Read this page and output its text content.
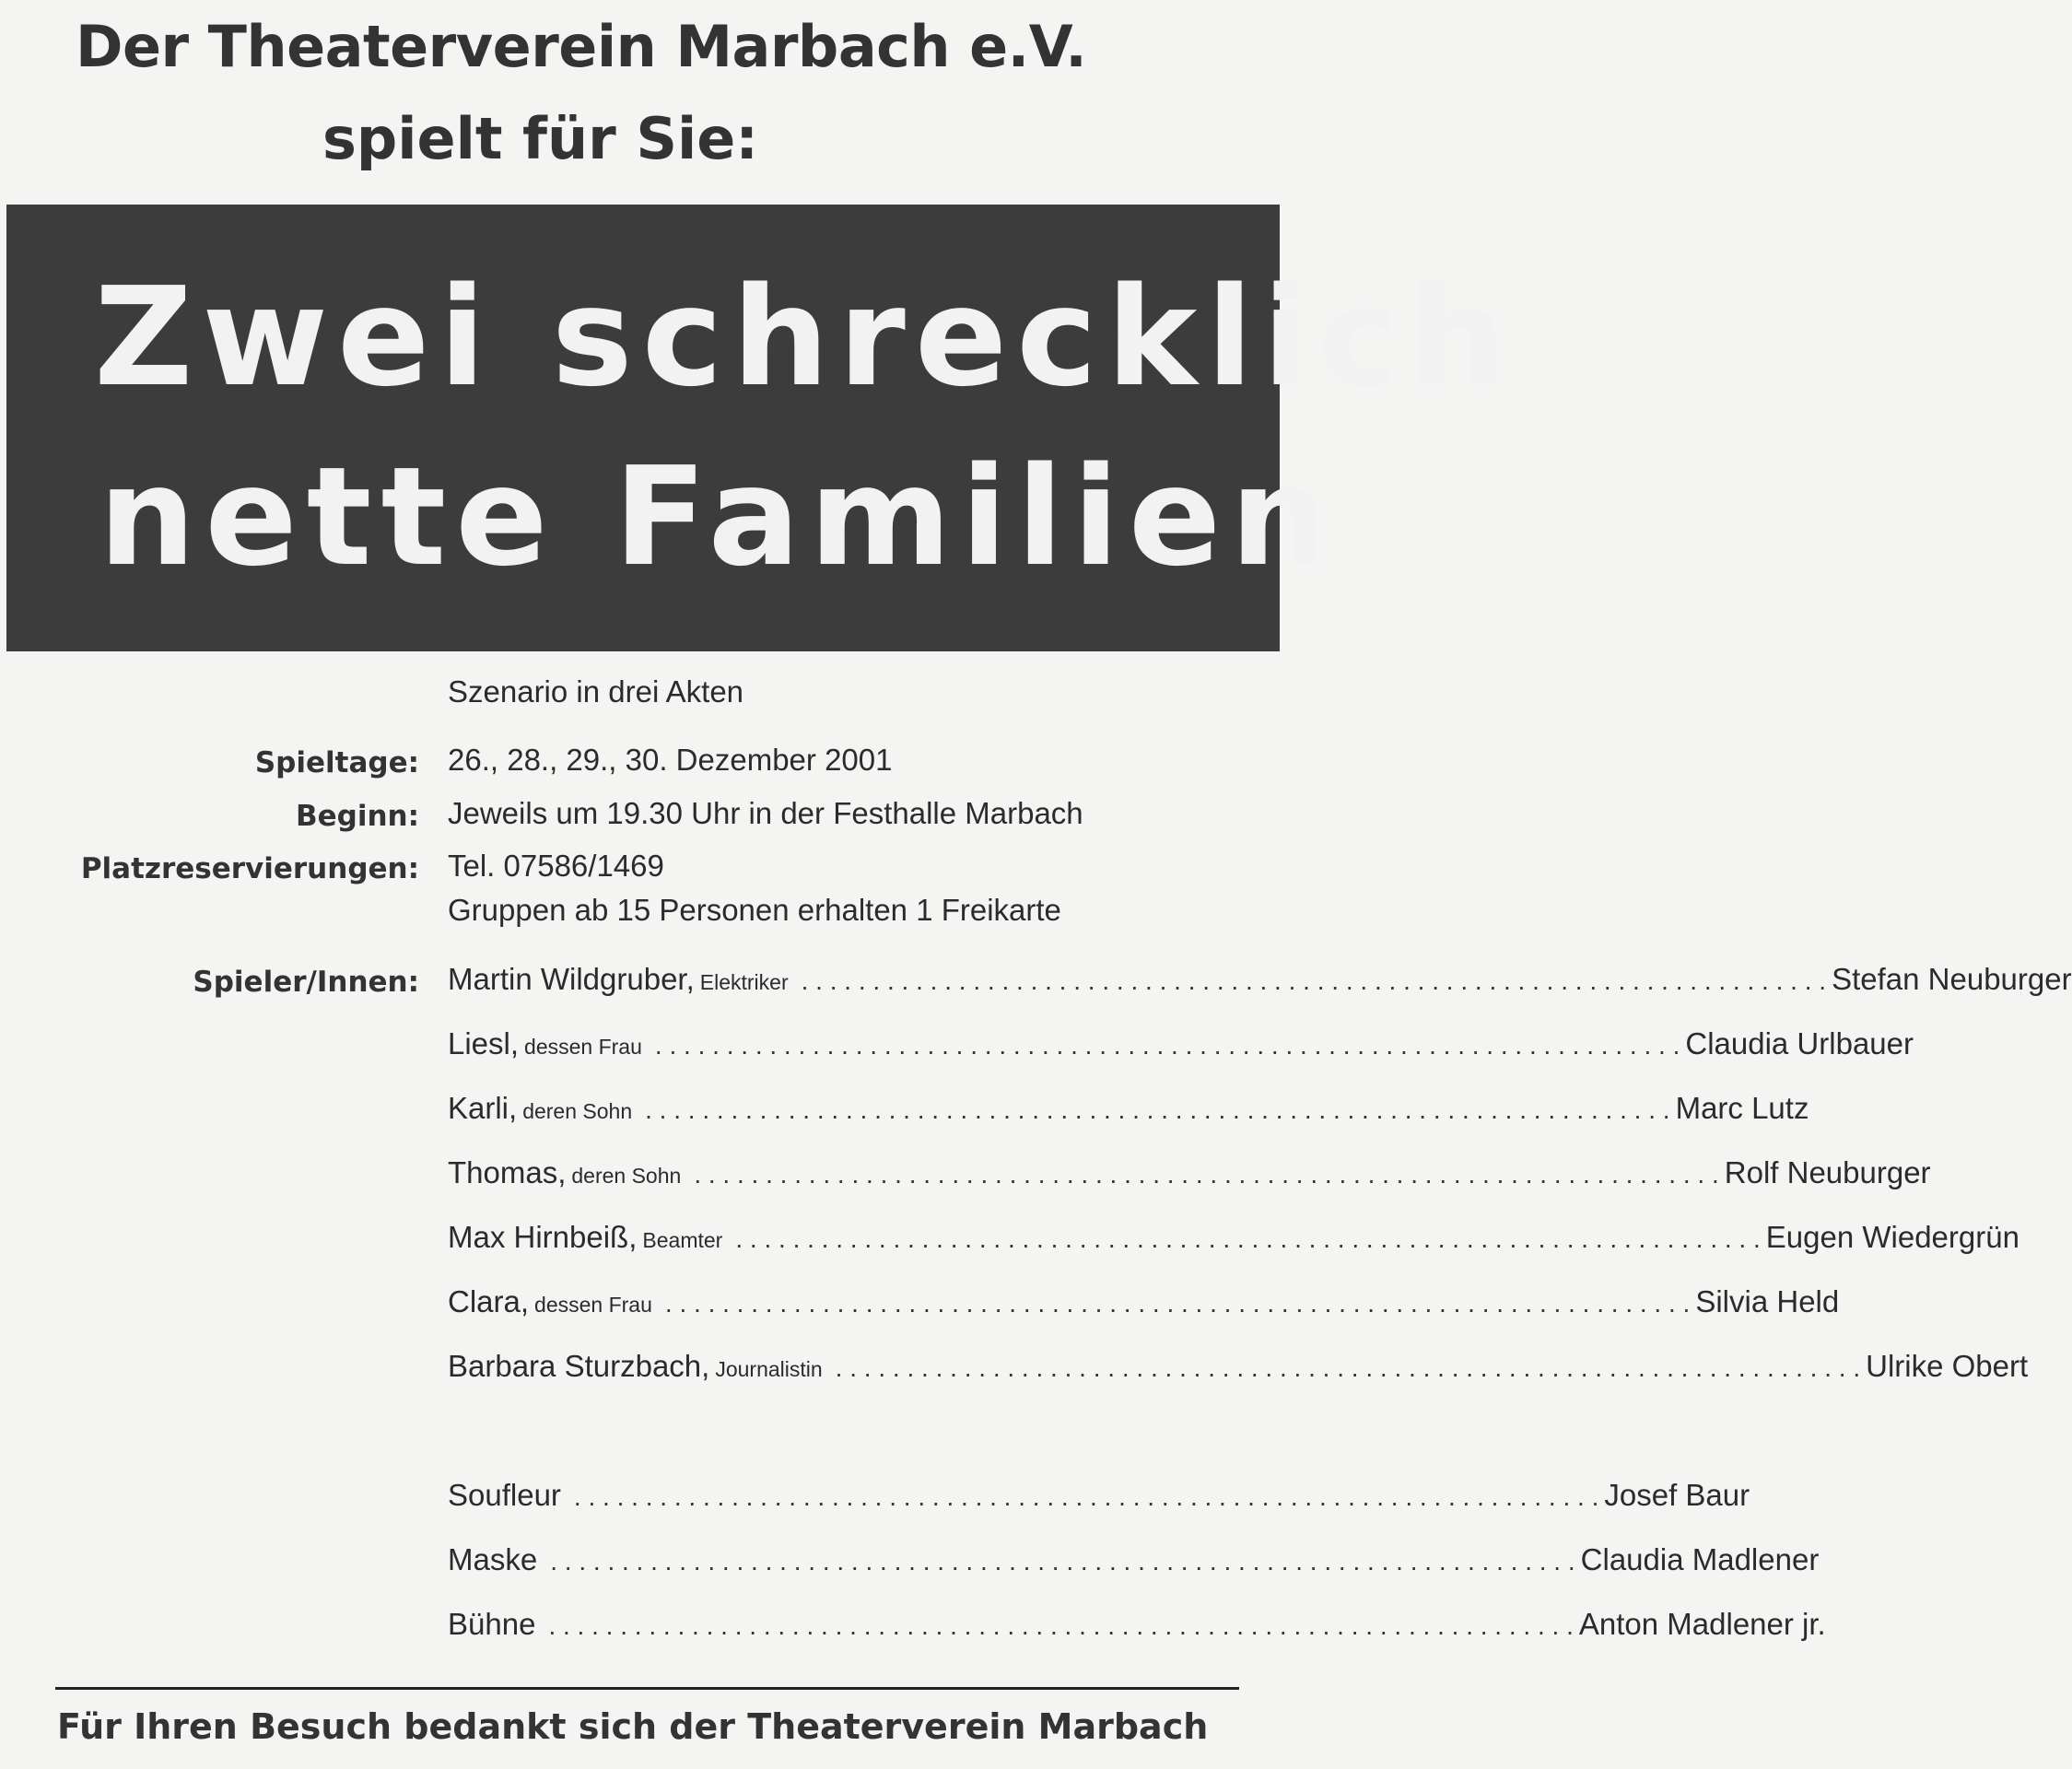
Der Theaterverein Marbach e.V.
spielt für Sie:
Zwei schrecklich
nette Familien
Szenario in drei Akten
Spieltage: 26., 28., 29., 30. Dezember 2001
Beginn: Jeweils um 19.30 Uhr in der Festhalle Marbach
Platzreservierungen: Tel. 07586/1469
Gruppen ab 15 Personen erhalten 1 Freikarte
Spieler/Innen: Martin Wildgruber, Elektriker . . .	Stefan Neuburger
Liesl, dessen Frau . . .	Claudia Urlbauer
Karli, deren Sohn . . .	Marc Lutz
Thomas, deren Sohn . . .	Rolf Neuburger
Max Hirnbeiß, Beamter . . .	Eugen Wiedergrün
Clara, dessen Frau . . .	Silvia Held
Barbara Sturzbach, Journalistin . . .	Ulrike Obert
Soufleur . . .	Josef Baur
Maske . . .	Claudia Madlener
Bühne . . .	Anton Madlener jr.
Für Ihren Besuch bedankt sich der Theaterverein Marbach
